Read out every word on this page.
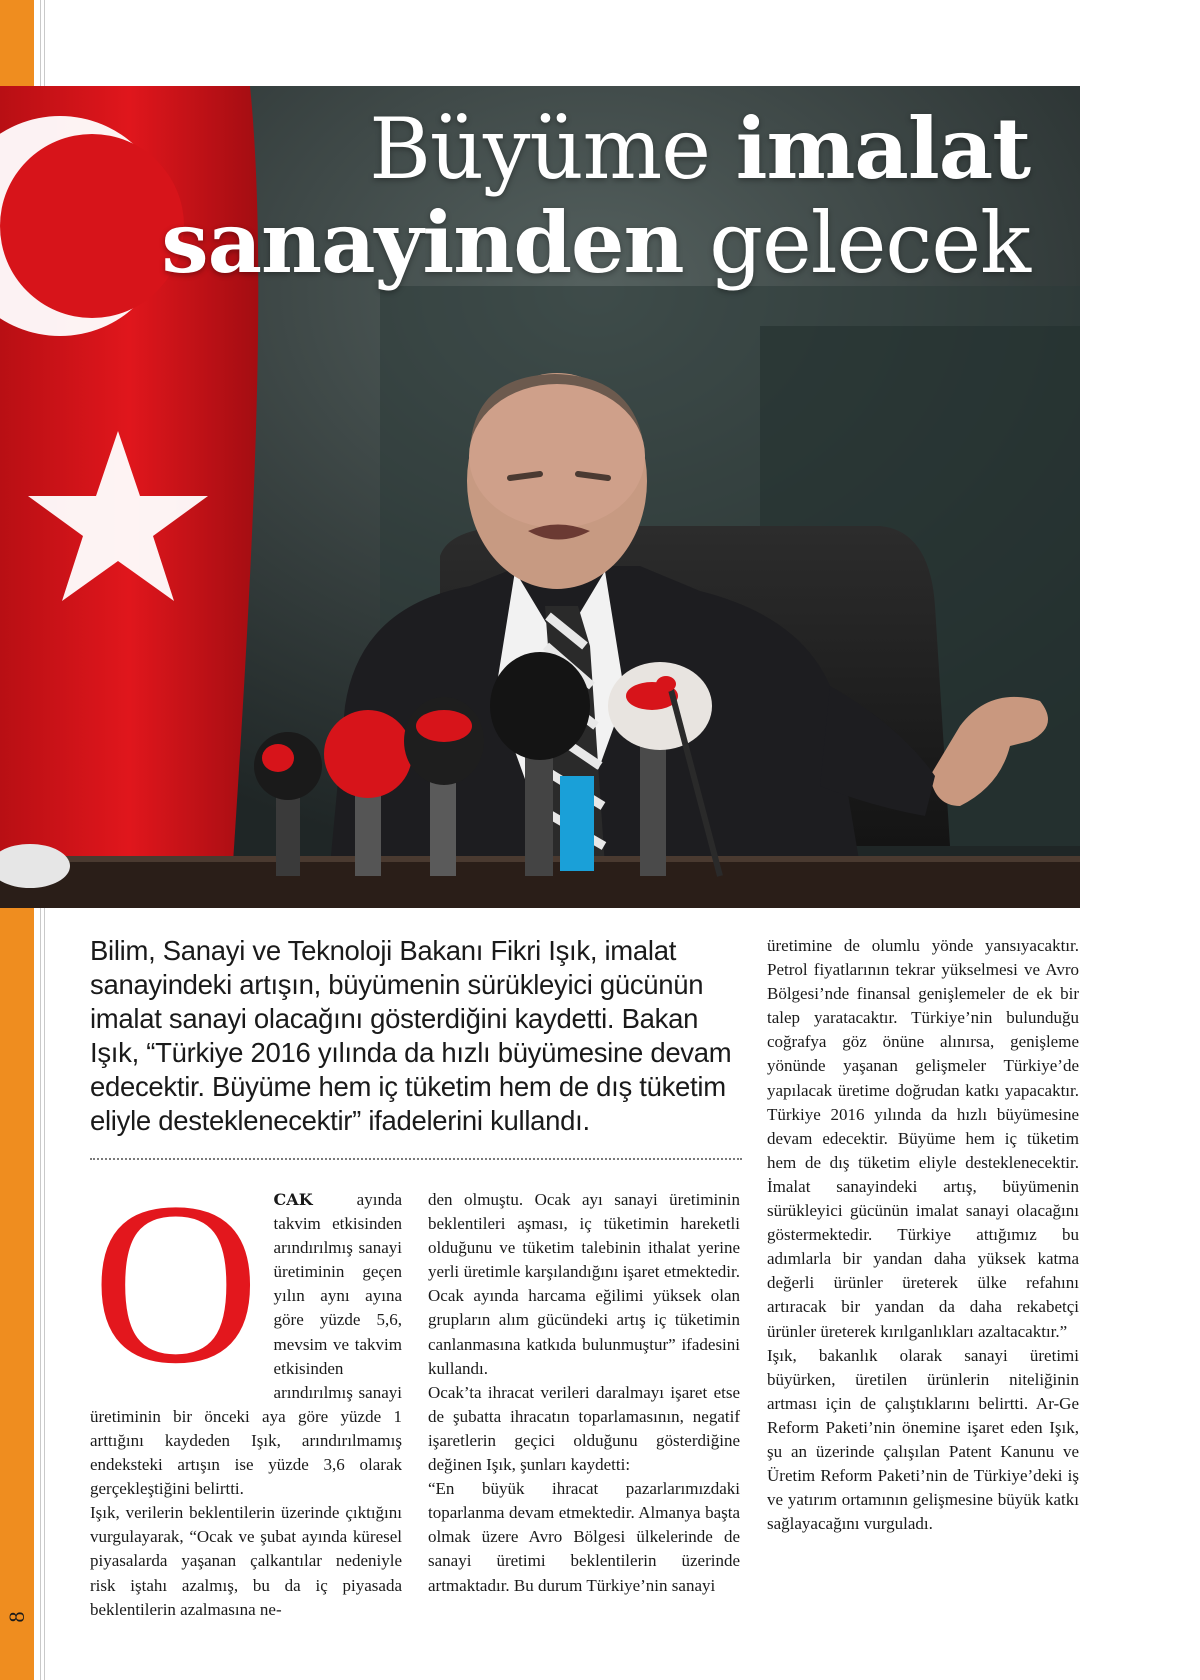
8
Büyüme imalat
sanayinden gelecek

Bilim, Sanayi ve Teknoloji Bakanı Fikri Işık, imalat sanayindeki artışın, büyümenin sürükleyici gücünün imalat sanayi olacağını gösterdiğini kaydetti. Bakan Işık, “Türkiye 2016 yılında da hızlı büyümesine devam edecektir. Büyüme hem iç tüketim hem de dış tüketim eliyle desteklenecektir” ifadelerini kullandı.

OCAK ayında takvim etkisinden arındırılmış sanayi üretiminin geçen yılın aynı ayına göre yüzde 5,6, mevsim ve takvim etkisinden arındırılmış sanayi üretiminin bir önceki aya göre yüzde 1 arttığını kaydeden Işık, arındırılmamış endeksteki artışın ise yüzde 3,6 olarak gerçekleştiğini belirtti.

Işık, verilerin beklentilerin üzerinde çıktığını vurgulayarak, “Ocak ve şubat ayında küresel piyasalarda yaşanan çalkantılar nedeniyle risk iştahı azalmış, bu da iç piyasada beklentilerin azalmasına ne-

den olmuştu. Ocak ayı sanayi üretiminin beklentileri aşması, iç tüketimin hareketli olduğunu ve tüketim talebinin ithalat yerine yerli üretimle karşılandığını işaret etmektedir. Ocak ayında harcama eğilimi yüksek olan grupların alım gücündeki artış iç tüketimin canlanmasına katkıda bulunmuştur” ifadesini kullandı.

Ocak’ta ihracat verileri daralmayı işaret etse de şubatta ihracatın toparlamasının, negatif işaretlerin geçici olduğunu gösterdiğine değinen Işık, şunları kaydetti:

“En büyük ihracat pazarlarımızdaki toparlanma devam etmektedir. Almanya başta olmak üzere Avro Bölgesi ülkelerinde de sanayi üretimi beklentilerin üzerinde artmaktadır. Bu durum Türkiye’nin sanayi

üretimine de olumlu yönde yansıyacaktır. Petrol fiyatlarının tekrar yükselmesi ve Avro Bölgesi’nde finansal genişlemeler de ek bir talep yaratacaktır. Türkiye’nin bulunduğu coğrafya göz önüne alınırsa, genişleme yönünde yaşanan gelişmeler Türkiye’de yapılacak üretime doğrudan katkı yapacaktır. Türkiye 2016 yılında da hızlı büyümesine devam edecektir. Büyüme hem iç tüketim hem de dış tüketim eliyle desteklenecektir. İmalat sanayindeki artış, büyümenin sürükleyici gücünün imalat sanayi olacağını göstermektedir. Türkiye attığımız bu adımlarla bir yandan daha yüksek katma değerli ürünler üreterek ülke refahını artıracak bir yandan da daha rekabetçi ürünler üreterek kırılganlıkları azaltacaktır.”

Işık, bakanlık olarak sanayi üretimi büyürken, üretilen ürünlerin niteliğinin artması için de çalıştıklarını belirtti. Ar-Ge Reform Paketi’nin önemine işaret eden Işık, şu an üzerinde çalışılan Patent Kanunu ve Üretim Reform Paketi’nin de Türkiye’deki iş ve yatırım ortamının gelişmesine büyük katkı sağlayacağını vurguladı.
